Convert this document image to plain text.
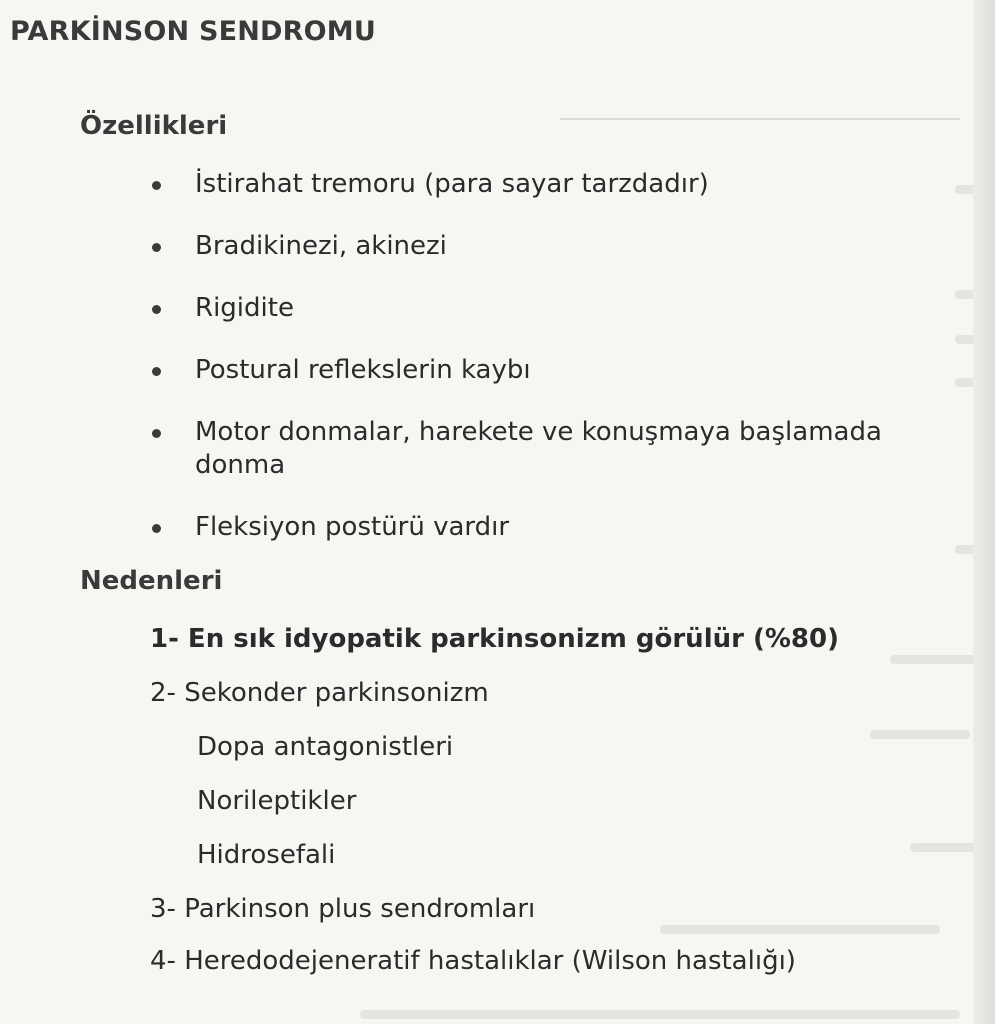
PARKİNSON SENDROMU
Özellikleri
İstirahat tremoru (para sayar tarzdadır)
Bradikinezi, akinezi
Rigidite
Postural reflekslerin kaybı
Motor donmalar, harekete ve konuşmaya başlamada donma
Fleksiyon postürü vardır
Nedenleri
1- En sık idyopatik parkinsonizm görülür (%80)
2- Sekonder parkinsonizm
Dopa antagonistleri
Norileptikler
Hidrosefali
3- Parkinson plus sendromları
4- Heredodejeneratif hastalıklar (Wilson hastalığı)
